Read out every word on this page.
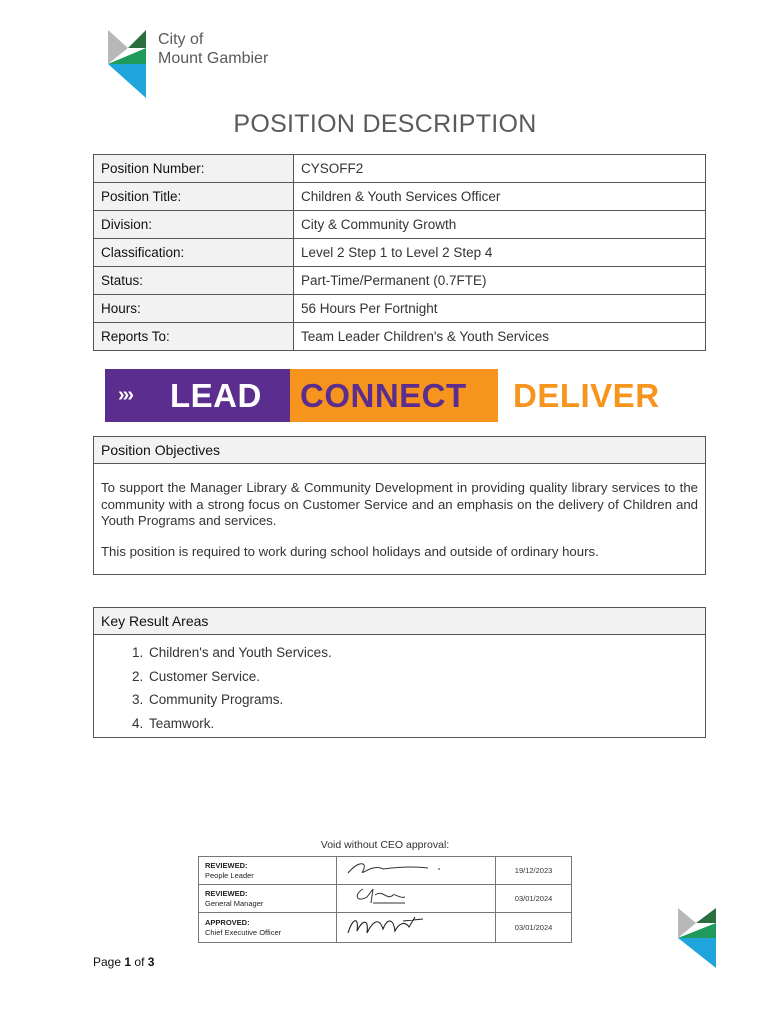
City of
Mount Gambier
POSITION DESCRIPTION
Position Number:	CYSOFF2
Position Title:	Children & Youth Services Officer
Division:	City & Community Growth
Classification:	Level 2 Step 1 to Level 2 Step 4
Status:	Part-Time/Permanent (0.7FTE)
Hours:	56 Hours Per Fortnight
Reports To:	Team Leader Children's & Youth Services
››› LEAD CONNECT DELIVER
Position Objectives

To support the Manager Library & Community Development in providing quality library services to the community with a strong focus on Customer Service and an emphasis on the delivery of Children and Youth Programs and services.

This position is required to work during school holidays and outside of ordinary hours.

Key Result Areas
1. Children's and Youth Services.
2. Customer Service.
3. Community Programs.
4. Teamwork.
Void without CEO approval:
REVIEWED:
People Leader		19/12/2023

REVIEWED:
General Manager		03/01/2024

APPROVED:
Chief Executive Officer		03/01/2024
Page 1 of 3
